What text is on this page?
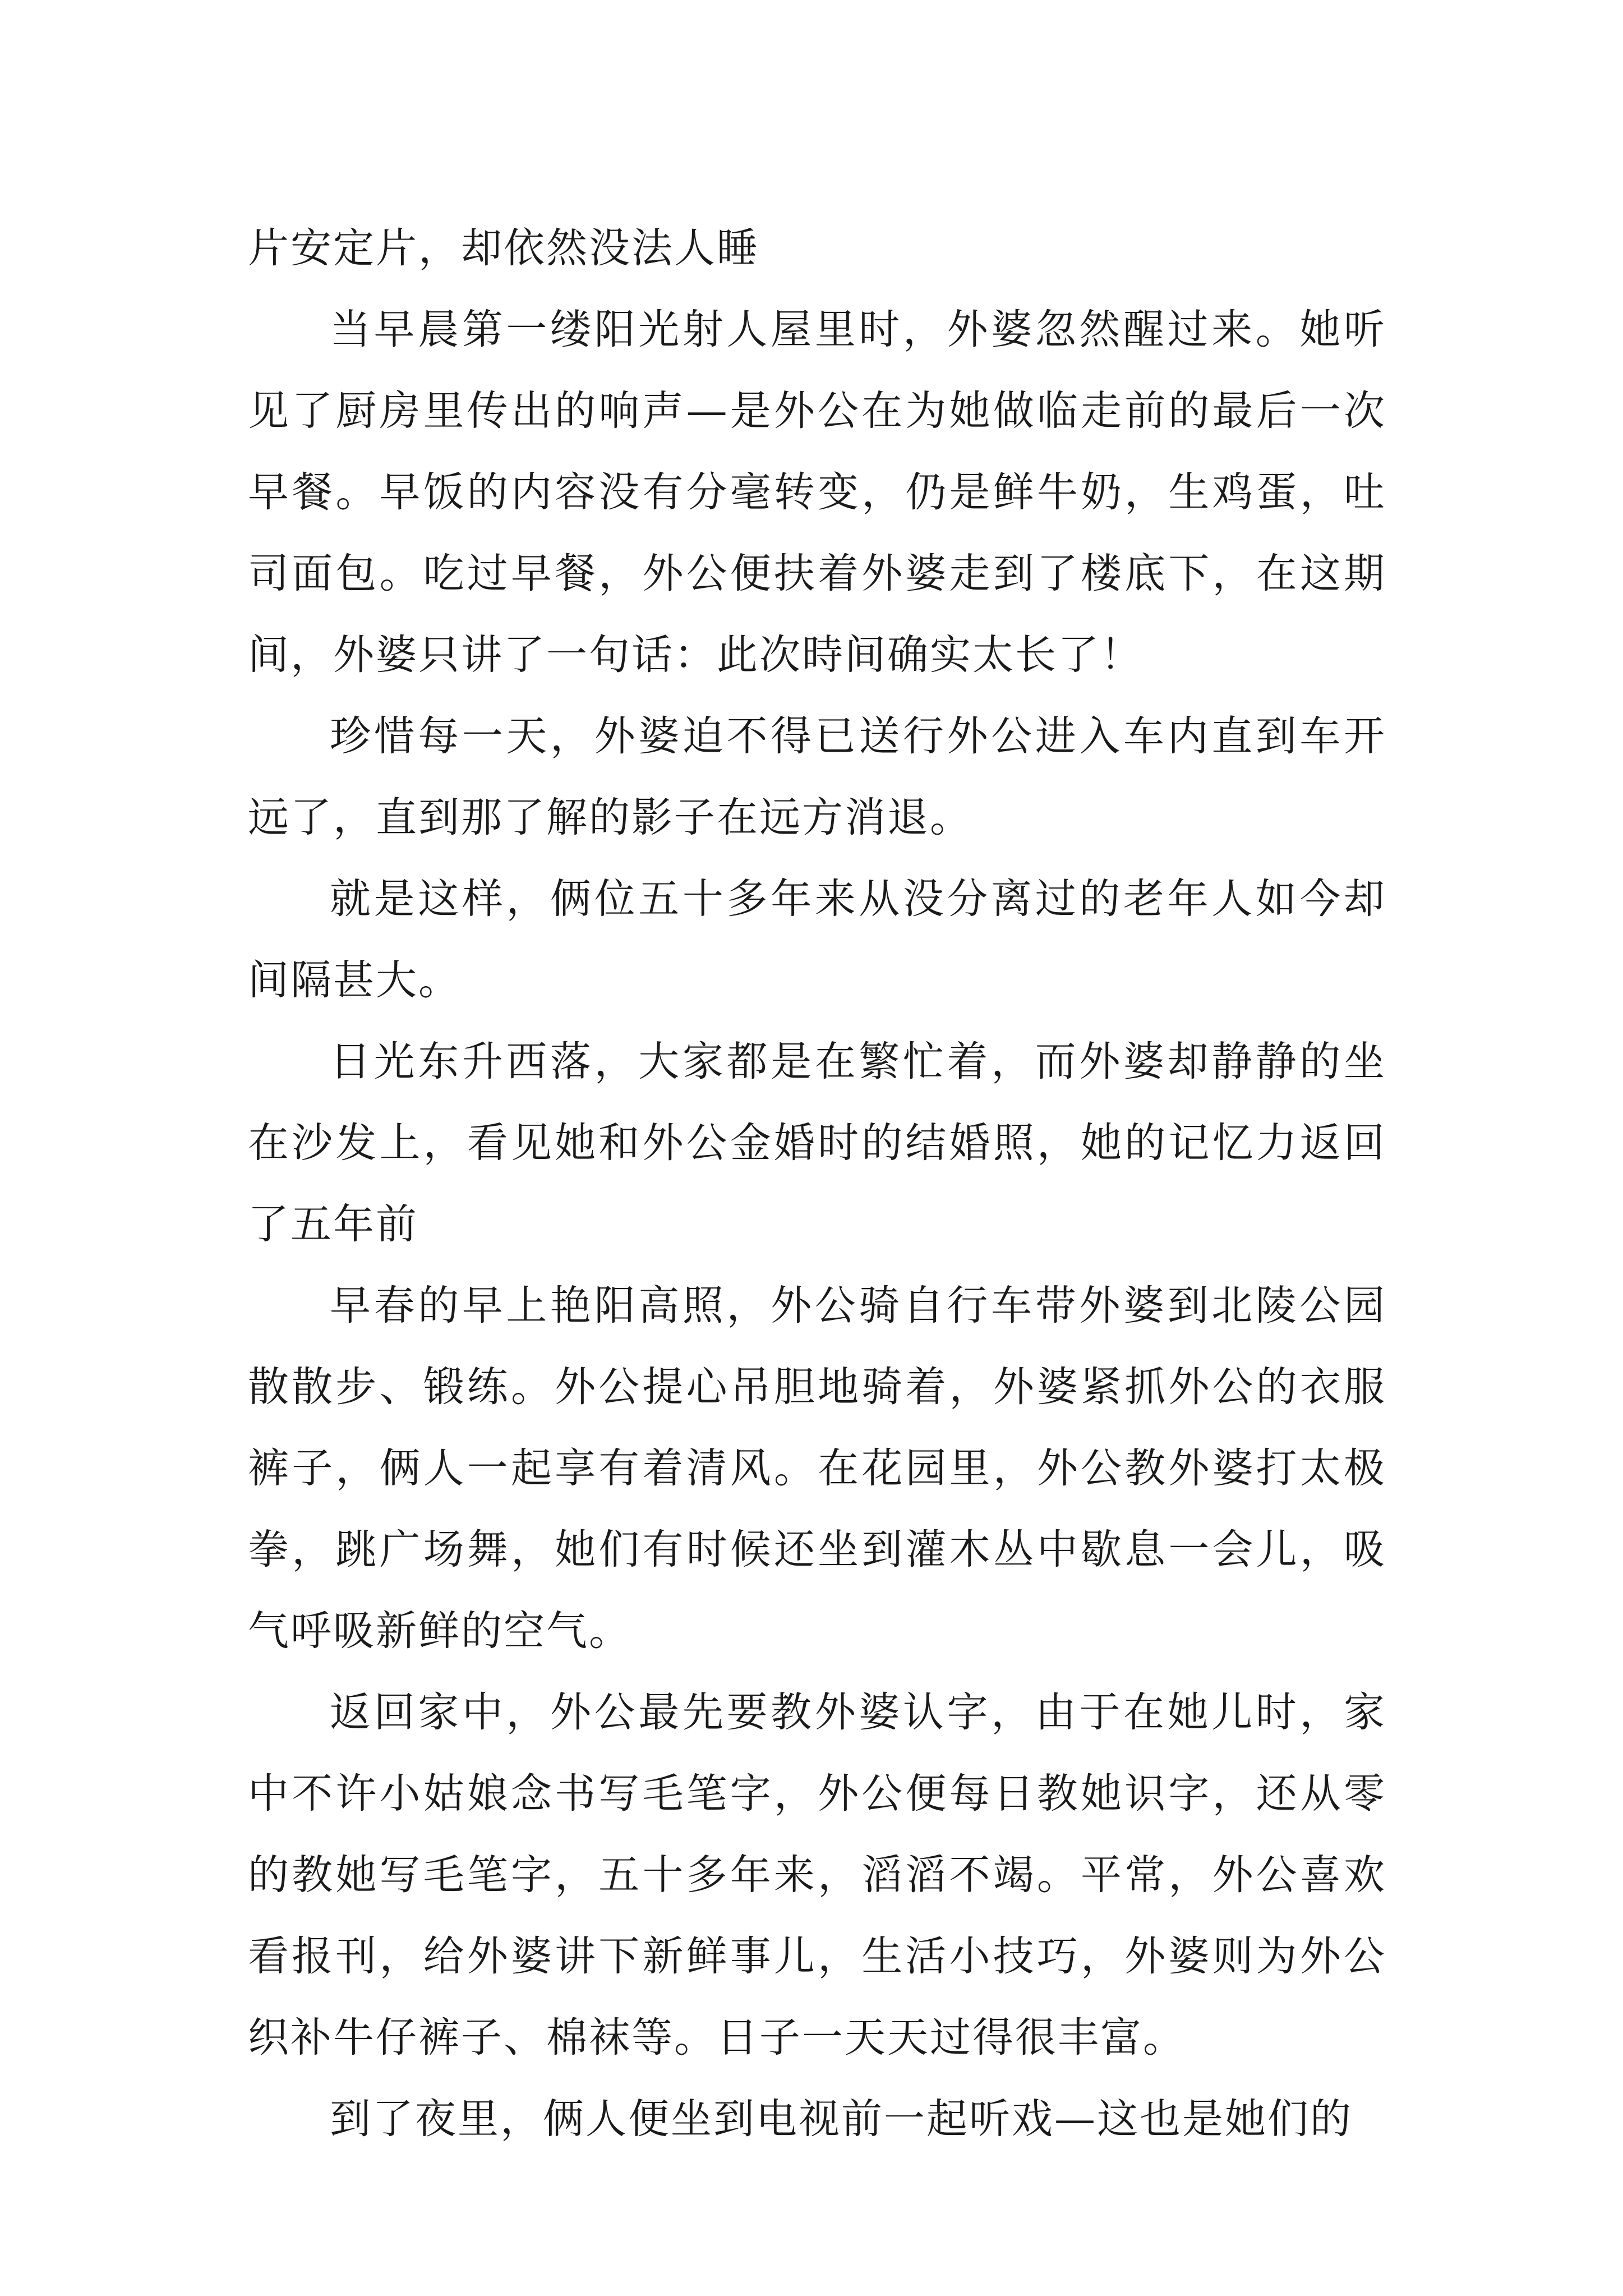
片安定片，却依然没法人睡

当早晨第一缕阳光射人屋里时，外婆忽然醒过来。她听见了厨房里传出的响声—是外公在为她做临走前的最后一次早餐。早饭的内容没有分毫转变，仍是鲜牛奶，生鸡蛋，吐司面包。吃过早餐，外公便扶着外婆走到了楼底下，在这期间，外婆只讲了一句话：此次時间确实太长了！

珍惜每一天，外婆迫不得已送行外公进入车内直到车开远了，直到那了解的影子在远方消退。

就是这样，俩位五十多年来从没分离过的老年人如今却间隔甚大。

日光东升西落，大家都是在繁忙着，而外婆却静静的坐在沙发上，看见她和外公金婚时的结婚照，她的记忆力返回了五年前

早春的早上艳阳高照，外公骑自行车带外婆到北陵公园散散步、锻练。外公提心吊胆地骑着，外婆紧抓外公的衣服裤子，俩人一起享有着清风。在花园里，外公教外婆打太极拳，跳广场舞，她们有时候还坐到灌木丛中歇息一会儿，吸气呼吸新鲜的空气。

返回家中，外公最先要教外婆认字，由于在她儿时，家中不许小姑娘念书写毛笔字，外公便每日教她识字，还从零的教她写毛笔字，五十多年来，滔滔不竭。平常，外公喜欢看报刊，给外婆讲下新鲜事儿，生活小技巧，外婆则为外公织补牛仔裤子、棉袜等。日子一天天过得很丰富。

到了夜里，俩人便坐到电视前一起听戏—这也是她们的
